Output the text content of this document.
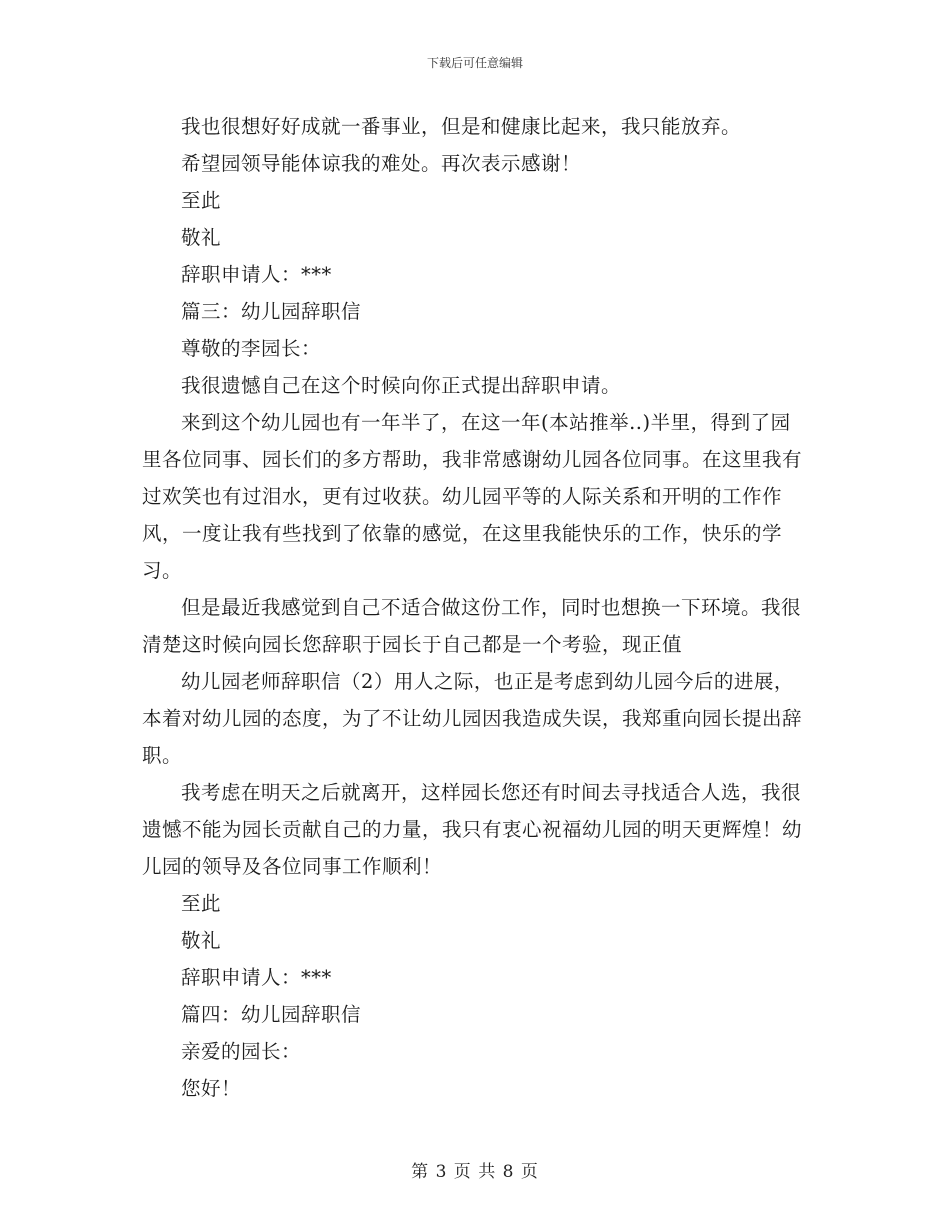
下载后可任意编辑

我也很想好好成就一番事业，但是和健康比起来，我只能放弃。

希望园领导能体谅我的难处。再次表示感谢！

至此

敬礼

辞职申请人：***

篇三：幼儿园辞职信

尊敬的李园长：

我很遗憾自己在这个时候向你正式提出辞职申请。

来到这个幼儿园也有一年半了，在这一年(本站推举..)半里，得到了园里各位同事、园长们的多方帮助，我非常感谢幼儿园各位同事。在这里我有过欢笑也有过泪水，更有过收获。幼儿园平等的人际关系和开明的工作作风，一度让我有些找到了依靠的感觉，在这里我能快乐的工作，快乐的学习。

但是最近我感觉到自己不适合做这份工作，同时也想换一下环境。我很清楚这时候向园长您辞职于园长于自己都是一个考验，现正值

幼儿园老师辞职信（2）用人之际，也正是考虑到幼儿园今后的进展，本着对幼儿园的态度，为了不让幼儿园因我造成失误，我郑重向园长提出辞职。

我考虑在明天之后就离开，这样园长您还有时间去寻找适合人选，我很遗憾不能为园长贡献自己的力量，我只有衷心祝福幼儿园的明天更辉煌！幼儿园的领导及各位同事工作顺利！

至此

敬礼

辞职申请人：***

篇四：幼儿园辞职信

亲爱的园长：

您好！

第 3 页 共 8 页
